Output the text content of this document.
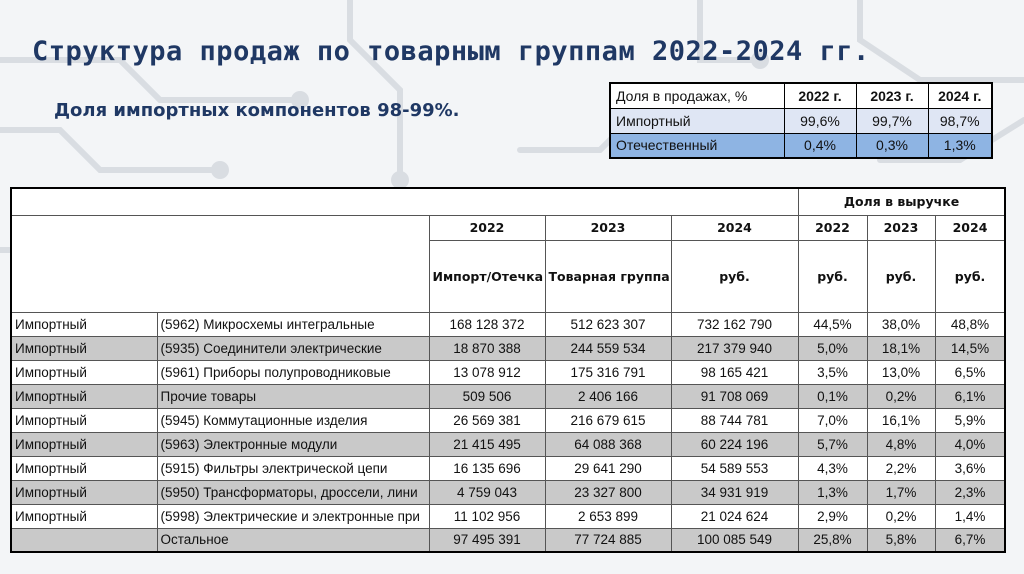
Структура продаж по товарным группам 2022-2024 гг.
Доля импортных компонентов 98-99%.
Доля в продажах, %	2022 г.	2023 г.	2024 г.
Импортный	99,6%	99,7%	98,7%
Отечественный	0,4%	0,3%	1,3%
					Доля в выручке			
		2022	2023	2024	2022	2023	2024	
		Импорт/Отечка	Товарная группа	руб.	руб.	руб.	руб.		
Импортный	(5962) Микросхемы интегральные	168 128 372	512 623 307	732 162 790	44,5%	38,0%	48,8%	
Импортный	(5935) Соединители электрические	18 870 388	244 559 534	217 379 940	5,0%	18,1%	14,5%	
Импортный	(5961) Приборы полупроводниковые	13 078 912	175 316 791	98 165 421	3,5%	13,0%	6,5%	
Импортный	Прочие товары	509 506	2 406 166	91 708 069	0,1%	0,2%	6,1%	
Импортный	(5945) Коммутационные изделия	26 569 381	216 679 615	88 744 781	7,0%	16,1%	5,9%	
Импортный	(5963) Электронные модули	21 415 495	64 088 368	60 224 196	5,7%	4,8%	4,0%	
Импортный	(5915) Фильтры электрической цепи	16 135 696	29 641 290	54 589 553	4,3%	2,2%	3,6%	
Импортный	(5950) Трансформаторы, дроссели, лини	4 759 043	23 327 800	34 931 919	1,3%	1,7%	2,3%	
Импортный	(5998) Электрические и электронные при	11 102 956	2 653 899	21 024 624	2,9%	0,2%	1,4%	
	Остальное	97 495 391	77 724 885	100 085 549	25,8%	5,8%	6,7%	
